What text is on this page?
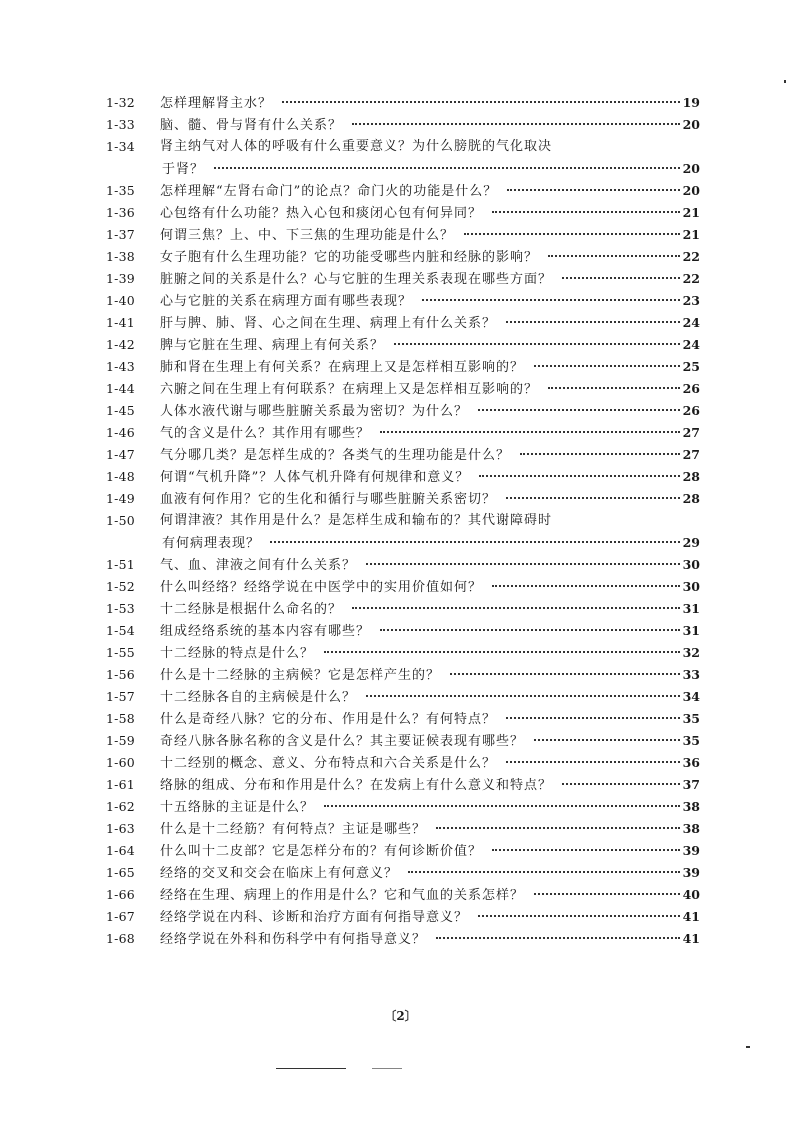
1-32	怎样理解肾主水？	19
1-33	脑、髓、骨与肾有什么关系？	20
1-34	肾主纳气对人体的呼吸有什么重要意义？为什么膀胱的气化取决
于肾？	20
1-35	怎样理解“左肾右命门”的论点？命门火的功能是什么？	20
1-36	心包络有什么功能？热入心包和痰闭心包有何异同？	21
1-37	何谓三焦？上、中、下三焦的生理功能是什么？	21
1-38	女子胞有什么生理功能？它的功能受哪些内脏和经脉的影响？	22
1-39	脏腑之间的关系是什么？心与它脏的生理关系表现在哪些方面？	22
1-40	心与它脏的关系在病理方面有哪些表现？	23
1-41	肝与脾、肺、肾、心之间在生理、病理上有什么关系？	24
1-42	脾与它脏在生理、病理上有何关系？	24
1-43	肺和肾在生理上有何关系？在病理上又是怎样相互影响的？	25
1-44	六腑之间在生理上有何联系？在病理上又是怎样相互影响的？	26
1-45	人体水液代谢与哪些脏腑关系最为密切？为什么？	26
1-46	气的含义是什么？其作用有哪些？	27
1-47	气分哪几类？是怎样生成的？各类气的生理功能是什么？	27
1-48	何谓“气机升降”？人体气机升降有何规律和意义？	28
1-49	血液有何作用？它的生化和循行与哪些脏腑关系密切？	28
1-50	何谓津液？其作用是什么？是怎样生成和输布的？其代谢障碍时
有何病理表现？	29
1-51	气、血、津液之间有什么关系？	30
1-52	什么叫经络？经络学说在中医学中的实用价值如何？	30
1-53	十二经脉是根据什么命名的？	31
1-54	组成经络系统的基本内容有哪些？	31
1-55	十二经脉的特点是什么？	32
1-56	什么是十二经脉的主病候？它是怎样产生的？	33
1-57	十二经脉各自的主病候是什么？	34
1-58	什么是奇经八脉？它的分布、作用是什么？有何特点？	35
1-59	奇经八脉各脉名称的含义是什么？其主要证候表现有哪些？	35
1-60	十二经别的概念、意义、分布特点和六合关系是什么？	36
1-61	络脉的组成、分布和作用是什么？在发病上有什么意义和特点？	37
1-62	十五络脉的主证是什么？	38
1-63	什么是十二经筋？有何特点？主证是哪些？	38
1-64	什么叫十二皮部？它是怎样分布的？有何诊断价值？	39
1-65	经络的交叉和交会在临床上有何意义？	39
1-66	经络在生理、病理上的作用是什么？它和气血的关系怎样？	40
1-67	经络学说在内科、诊断和治疗方面有何指导意义？	41
1-68	经络学说在外科和伤科学中有何指导意义？	41
〔2〕
